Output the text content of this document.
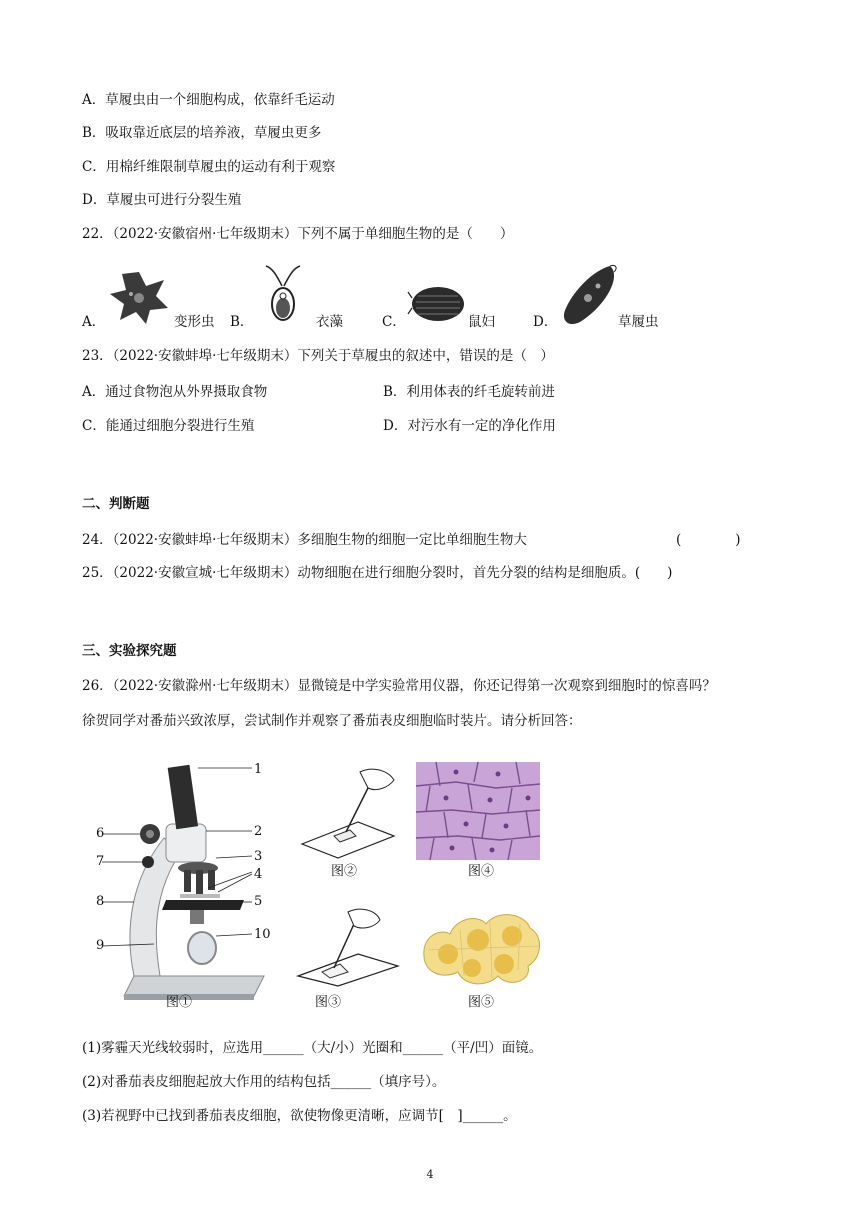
A．草履虫由一个细胞构成，依靠纤毛运动
B．吸取靠近底层的培养液，草履虫更多
C．用棉纤维限制草履虫的运动有利于观察
D．草履虫可进行分裂生殖
22．（2022·安徽宿州·七年级期末）下列不属于单细胞生物的是（　　）
A．	变形虫 B．	衣藻	C．	鼠妇	D．	草履虫
23．（2022·安徽蚌埠·七年级期末）下列关于草履虫的叙述中，错误的是（　）
A．通过食物泡从外界摄取食物	B．利用体表的纤毛旋转前进
C．能通过细胞分裂进行生殖	D．对污水有一定的净化作用
二、判断题
24．（2022·安徽蚌埠·七年级期末）多细胞生物的细胞一定比单细胞生物大	(　　　　)
25．（2022·安徽宣城·七年级期末）动物细胞在进行细胞分裂时，首先分裂的结构是细胞质。(　　)
三、实验探究题
26．（2022·安徽滁州·七年级期末）显微镜是中学实验常用仪器，你还记得第一次观察到细胞时的惊喜吗？
徐贺同学对番茄兴致浓厚，尝试制作并观察了番茄表皮细胞临时装片。请分析回答：
1
2
3
4
5
6
7
8
9
10
图①
图②
图③
图④
图⑤
(1)雾霾天光线较弱时，应选用______（大/小）光圈和______（平/凹）面镜。
(2)对番茄表皮细胞起放大作用的结构包括______（填序号）。
(3)若视野中已找到番茄表皮细胞，欲使物像更清晰，应调节[　]______。
4
